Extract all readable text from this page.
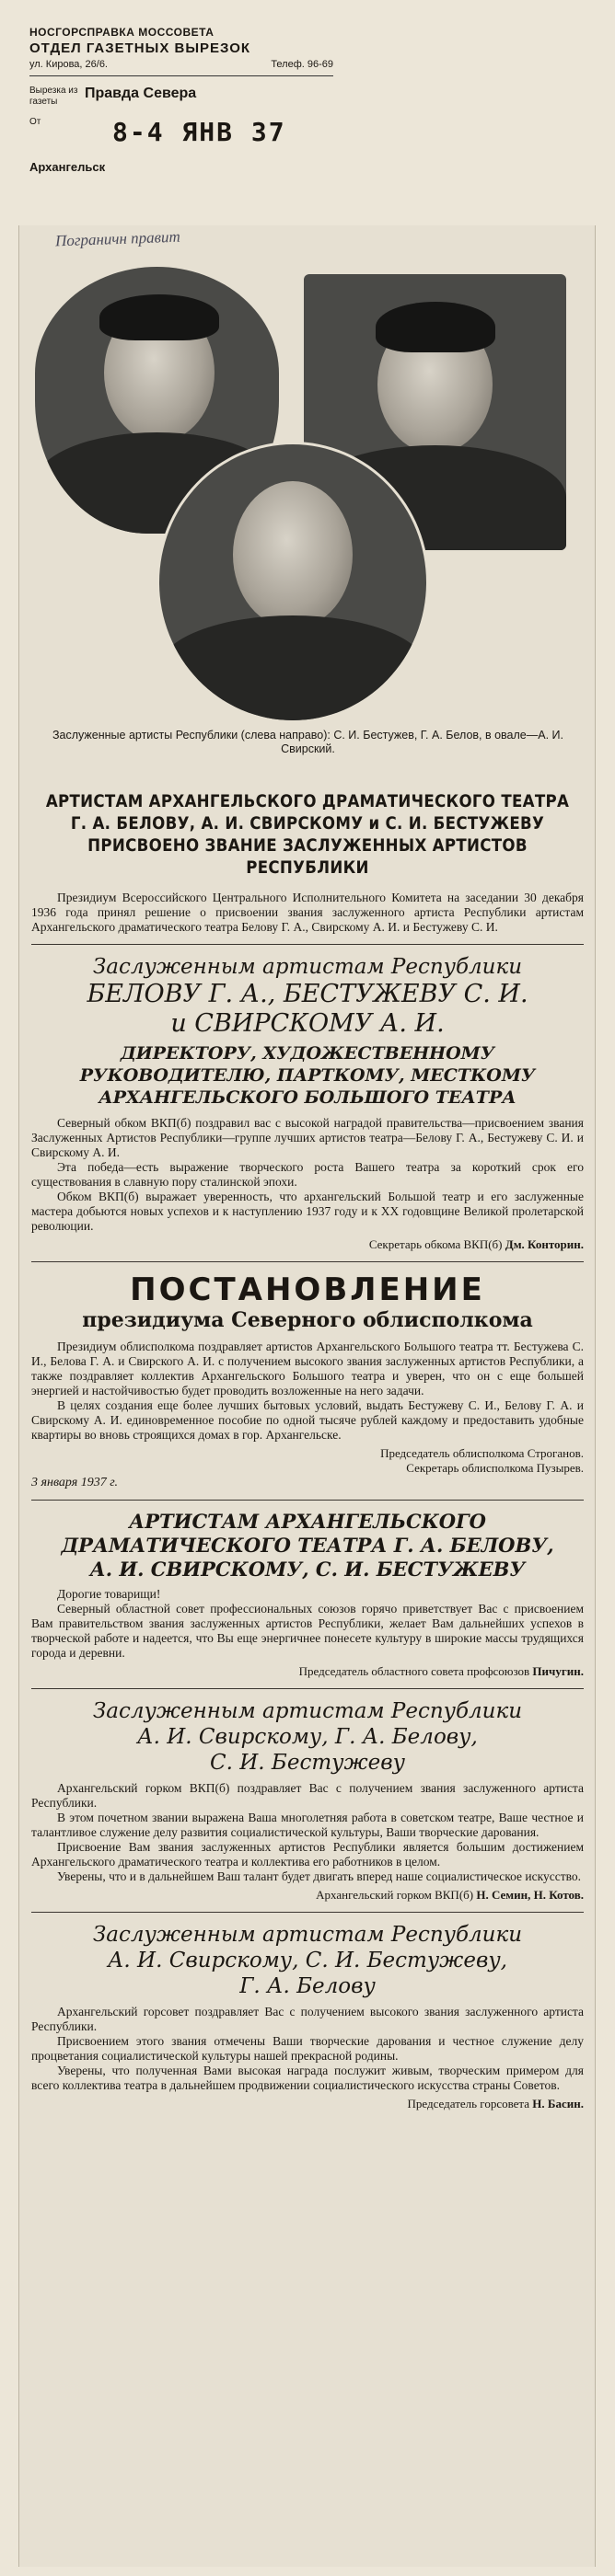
НОСГОРСПРАВКА МОССОВЕТА
ОТДЕЛ ГАЗЕТНЫХ ВЫРЕЗОК
ул. Кирова, 26/6.	Телеф. 96-69
Вырезка из газеты
Правда Севера
От	8-4 ЯНВ 37
Архангельск
Пограничн правит
Заслуженные артисты Республики (слева направо): С. И. Бестужев, Г. А. Белов, в овале—А. И. Свирский.
АРТИСТАМ АРХАНГЕЛЬСКОГО ДРАМАТИЧЕСКОГО ТЕАТРА
Г. А. БЕЛОВУ, А. И. СВИРСКОМУ и С. И. БЕСТУЖЕВУ
ПРИСВОЕНО ЗВАНИЕ ЗАСЛУЖЕННЫХ АРТИСТОВ РЕСПУБЛИКИ

Президиум Всероссийского Центрального Исполнительного Комитета на заседании 30 декабря 1936 года принял решение о присвоении звания заслуженного артиста Республики артистам Архангельского драматического театра Белову Г. А., Свирскому А. И. и Бестужеву С. И.

Заслуженным артистам Республики
БЕЛОВУ Г. А., БЕСТУЖЕВУ С. И.
и СВИРСКОМУ А. И.
ДИРЕКТОРУ, ХУДОЖЕСТВЕННОМУ
РУКОВОДИТЕЛЮ, ПАРТКОМУ, МЕСТКОМУ
АРХАНГЕЛЬСКОГО БОЛЬШОГО ТЕАТРА

Северный обком ВКП(б) поздравил вас с высокой наградой правительства—присвоением звания Заслуженных Артистов Республики—группе лучших артистов театра—Белову Г. А., Бестужеву С. И. и Свирскому А. И.

Эта победа—есть выражение творческого роста Вашего театра за короткий срок его существования в славную пору сталинской эпохи.

Обком ВКП(б) выражает уверенность, что архангельский Большой театр и его заслуженные мастера добьются новых успехов и к наступлению 1937 году и к XX годовщине Великой пролетарской революции.

Секретарь обкома ВКП(б) Дм. Конторин.
ПОСТАНОВЛЕНИЕ
президиума Северного облисполкома

Президиум облисполкома поздравляет артистов Архангельского Большого театра тт. Бестужева С. И., Белова Г. А. и Свирского А. И. с получением высокого звания заслуженных артистов Республики, а также поздравляет коллектив Архангельского Большого театра и уверен, что он с еще большей энергией и настойчивостью будет проводить возложенные на него задачи.

В целях создания еще более лучших бытовых условий, выдать Бестужеву С. И., Белову Г. А. и Свирскому А. И. единовременное пособие по одной тысяче рублей каждому и предоставить удобные квартиры во вновь строящихся домах в гор. Архангельске.

Председатель облисполкома Строганов.
Секретарь облисполкома Пузырев.
3 января 1937 г.
АРТИСТАМ АРХАНГЕЛЬСКОГО
ДРАМАТИЧЕСКОГО ТЕАТРА Г. А. БЕЛОВУ,
А. И. СВИРСКОМУ, С. И. БЕСТУЖЕВУ

Дорогие товарищи!

Северный областной совет профессиональных союзов горячо приветствует Вас с присвоением Вам правительством звания заслуженных артистов Республики, желает Вам дальнейших успехов в творческой работе и надеется, что Вы еще энергичнее понесете культуру в широкие массы трудящихся города и деревни.

Председатель областного совета профсоюзов Пичугин.
Заслуженным артистам Республики
А. И. Свирскому, Г. А. Белову,
С. И. Бестужеву

Архангельский горком ВКП(б) поздравляет Вас с получением звания заслуженного артиста Республики.

В этом почетном звании выражена Ваша многолетняя работа в советском театре, Ваше честное и талантливое служение делу развития социалистической культуры, Ваши творческие дарования.

Присвоение Вам звания заслуженных артистов Республики является большим достижением Архангельского драматического театра и коллектива его работников в целом.

Уверены, что и в дальнейшем Ваш талант будет двигать вперед наше социалистическое искусство.

Архангельский горком ВКП(б) Н. Семин, Н. Котов.
Заслуженным артистам Республики
А. И. Свирскому, С. И. Бестужеву,
Г. А. Белову

Архангельский горсовет поздравляет Вас с получением высокого звания заслуженного артиста Республики.

Присвоением этого звания отмечены Ваши творческие дарования и честное служение делу процветания социалистической культуры нашей прекрасной родины.

Уверены, что полученная Вами высокая награда послужит живым, творческим примером для всего коллектива театра в дальнейшем продвижении социалистического искусства страны Советов.

Председатель горсовета Н. Басин.
